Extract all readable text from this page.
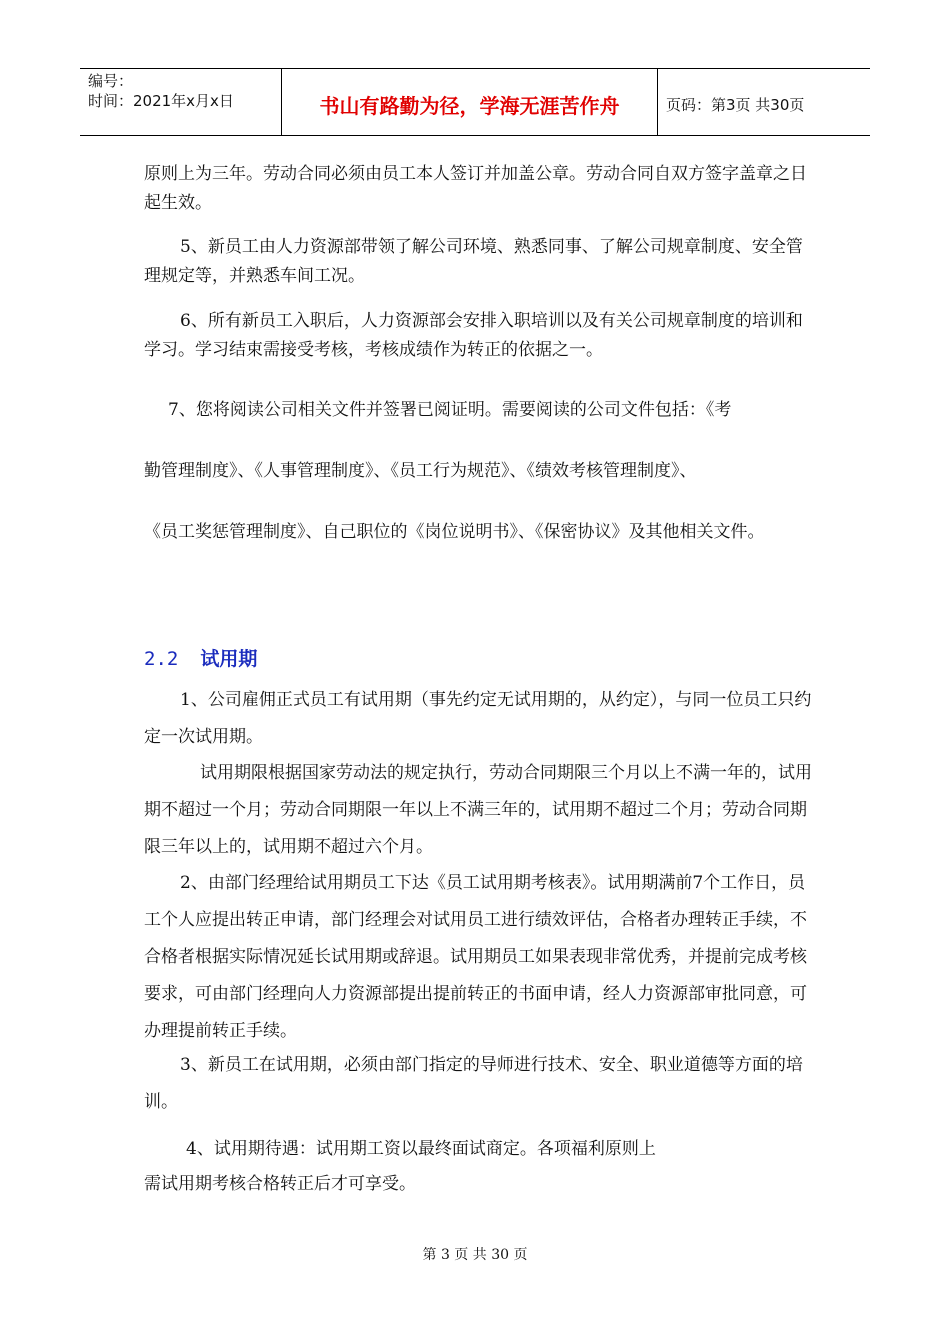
编号：
时间：2021年x月x日	书山有路勤为径，学海无涯苦作舟	页码：第3页 共30页

原则上为三年。劳动合同必须由员工本人签订并加盖公章。劳动合同自双方签字盖章之日起生效。

5、新员工由人力资源部带领了解公司环境、熟悉同事、了解公司规章制度、安全管理规定等，并熟悉车间工况。

6、所有新员工入职后，人力资源部会安排入职培训以及有关公司规章制度的培训和学习。学习结束需接受考核，考核成绩作为转正的依据之一。

7、您将阅读公司相关文件并签署已阅证明。需要阅读的公司文件包括：《考

勤管理制度》、《人事管理制度》、《员工行为规范》、《绩效考核管理制度》、

《员工奖惩管理制度》、自己职位的《岗位说明书》、《保密协议》及其他相关文件。

2.2 试用期

1、公司雇佣正式员工有试用期（事先约定无试用期的，从约定），与同一位员工只约定一次试用期。

试用期限根据国家劳动法的规定执行，劳动合同期限三个月以上不满一年的，试用期不超过一个月；劳动合同期限一年以上不满三年的，试用期不超过二个月；劳动合同期限三年以上的，试用期不超过六个月。

2、由部门经理给试用期员工下达《员工试用期考核表》。试用期满前7个工作日，员工个人应提出转正申请，部门经理会对试用员工进行绩效评估，合格者办理转正手续，不合格者根据实际情况延长试用期或辞退。试用期员工如果表现非常优秀，并提前完成考核要求，可由部门经理向人力资源部提出提前转正的书面申请，经人力资源部审批同意，可办理提前转正手续。

3、新员工在试用期，必须由部门指定的导师进行技术、安全、职业道德等方面的培训。

4、试用期待遇：试用期工资以最终面试商定。各项福利原则上

需试用期考核合格转正后才可享受。

第 3 页 共 30 页
